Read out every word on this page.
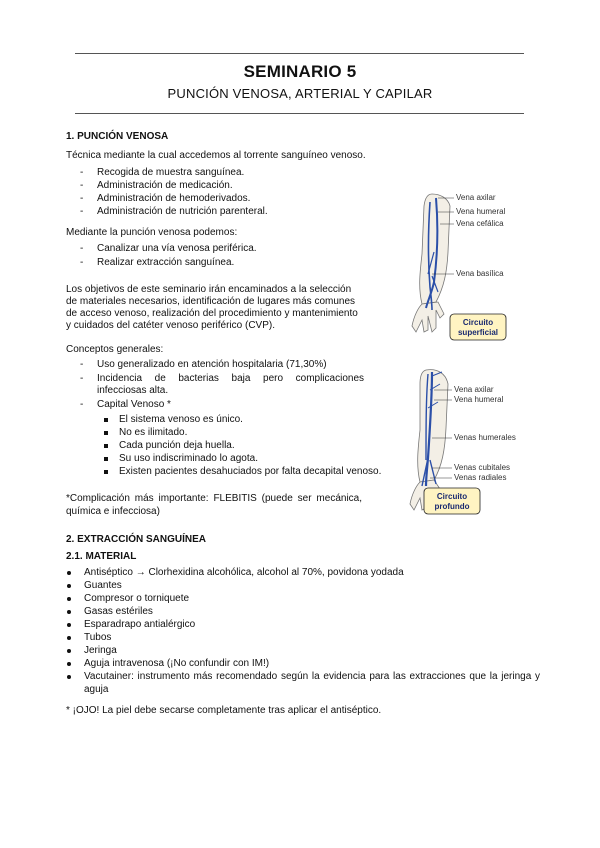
SEMINARIO 5
PUNCIÓN VENOSA, ARTERIAL Y CAPILAR
1. PUNCIÓN VENOSA
Técnica mediante la cual accedemos al torrente sanguíneo venoso.
- Recogida de muestra sanguínea.
- Administración de medicación.
- Administración de hemoderivados.
- Administración de nutrición parenteral.
Mediante la punción venosa podemos:
- Canalizar una vía venosa periférica.
- Realizar extracción sanguínea.
Los objetivos de este seminario irán encaminados a la selección
de materiales necesarios, identificación de lugares más comunes
de acceso venoso, realización del procedimiento y mantenimiento
y cuidados del catéter venoso periférico (CVP).
Conceptos generales:
- Uso generalizado en atención hospitalaria (71,30%)
- Incidencia de bacterias baja pero complicaciones
infecciosas alta.
- Capital Venoso *
El sistema venoso es único.
No es ilimitado.
Cada punción deja huella.
Su uso indiscriminado lo agota.
Existen pacientes desahuciados por falta decapital venoso.
*Complicación más importante: FLEBITIS (puede ser mecánica,
química e infecciosa)
Vena axilar
Vena humeral
Vena cefálica
Vena basílica
Circuito
superficial
Vena axilar
Vena humeral
Venas humerales
Venas cubitales
Venas radiales
Circuito
profundo
2. EXTRACCIÓN SANGUÍNEA
2.1. MATERIAL
Antiséptico → Clorhexidina alcohólica, alcohol al 70%, povidona yodada
Guantes
Compresor o torniquete
Gasas estériles
Esparadrapo antialérgico
Tubos
Jeringa
Aguja intravenosa (¡No confundir con IM!)
Vacutainer: instrumento más recomendado según la evidencia para las extracciones que la jeringa y
aguja
* ¡OJO! La piel debe secarse completamente tras aplicar el antiséptico.
